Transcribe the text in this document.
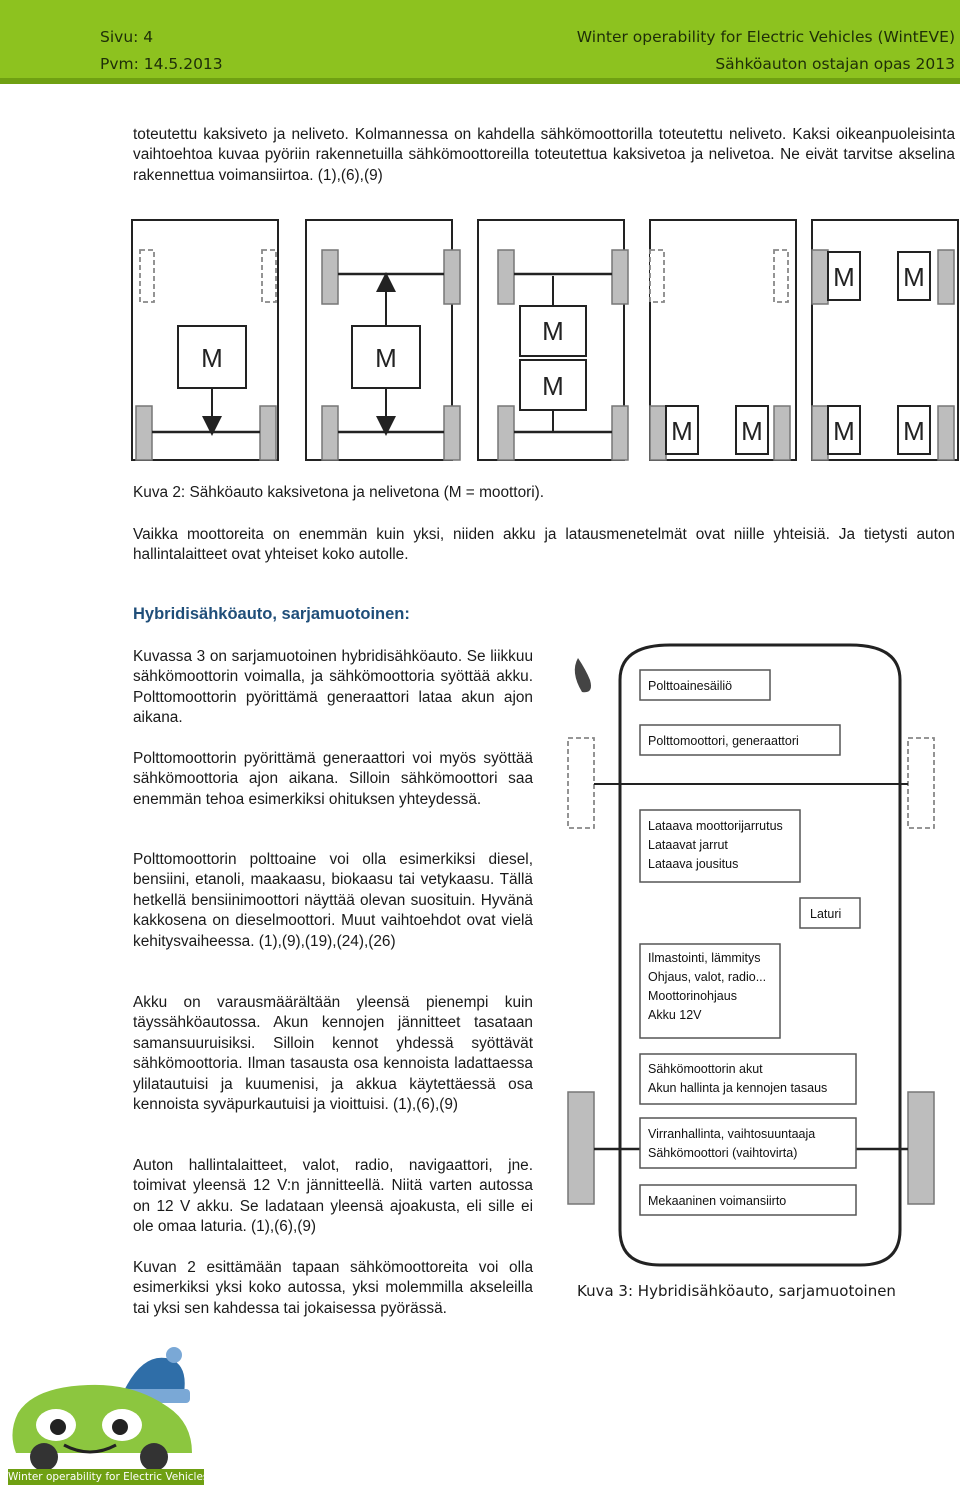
Sivu: 4
Pvm: 14.5.2013
Winter operability for Electric Vehicles (WintEVE)
Sähköauton ostajan opas 2013

toteutettu kaksiveto ja neliveto. Kolmannessa on kahdella sähkömoottorilla toteutettu neliveto. Kaksi oikeanpuoleisinta vaihtoehtoa kuvaa pyöriin rakennetuilla sähkömoottoreilla toteutettua kaksivetoa ja nelivetoa. Ne eivät tarvitse akselina rakennettua voimansiirtoa. (1),(6),(9)

M	M
M
M
M M
M M
M M

Kuva 2: Sähköauto kaksivetona ja nelivetona (M = moottori).

Vaikka moottoreita on enemmän kuin yksi, niiden akku ja latausmenetelmät ovat niille yhteisiä. Ja tietysti auton hallintalaitteet ovat yhteiset koko autolle.

Hybridisähköauto, sarjamuotoinen:

Kuvassa 3 on sarjamuotoinen hybridisähköauto. Se liikkuu sähkömoottorin voimalla, ja sähkömoottoria syöttää akku. Polttomoottorin pyörittämä generaattori lataa akun ajon aikana.

Polttomoottorin pyörittämä generaattori voi myös syöttää sähkömoottoria ajon aikana. Silloin sähkömoottori saa enemmän tehoa esimerkiksi ohituksen yhteydessä.

Polttomoottorin polttoaine voi olla esimerkiksi diesel, bensiini, etanoli, maakaasu, biokaasu tai vetykaasu. Tällä hetkellä bensiinimoottori näyttää olevan suosituin. Hyvänä kakkosena on dieselmoottori. Muut vaihtoehdot ovat vielä kehitysvaiheessa. (1),(9),(19),(24),(26)

Akku on varausmäärältään yleensä pienempi kuin täyssähköautossa. Akun kennojen jännitteet tasataan samansuuruisiksi. Silloin kennot yhdessä syöttävät sähkömoottoria. Ilman tasausta osa kennoista ladattaessa ylilatautuisi ja kuumenisi, ja akkua käytettäessä osa kennoista syväpurkautuisi ja vioittuisi. (1),(6),(9)

Auton hallintalaitteet, valot, radio, navigaattori, jne. toimivat yleensä 12 V:n jännitteellä. Niitä varten autossa on 12 V akku. Se ladataan yleensä ajoakusta, eli sille ei ole omaa laturia. (1),(6),(9)

Kuvan 2 esittämään tapaan sähkömoottoreita voi olla esimerkiksi yksi koko autossa, yksi molemmilla akseleilla tai yksi sen kahdessa tai jokaisessa pyörässä.

Polttoainesäiliö
Polttomoottori, generaattori
Lataava moottorijarrutus
Lataavat jarrut
Lataava jousitus
Laturi
Ilmastointi, lämmitys
Ohjaus, valot, radio...
Moottorinohjaus
Akku 12V
Sähkömoottorin akut
Akun hallinta ja kennojen tasaus
Virranhallinta, vaihtosuuntaaja
Sähkömoottori (vaihtovirta)
Mekaaninen voimansiirto

Kuva 3: Hybridisähköauto, sarjamuotoinen

Winter operability for Electric Vehicles
